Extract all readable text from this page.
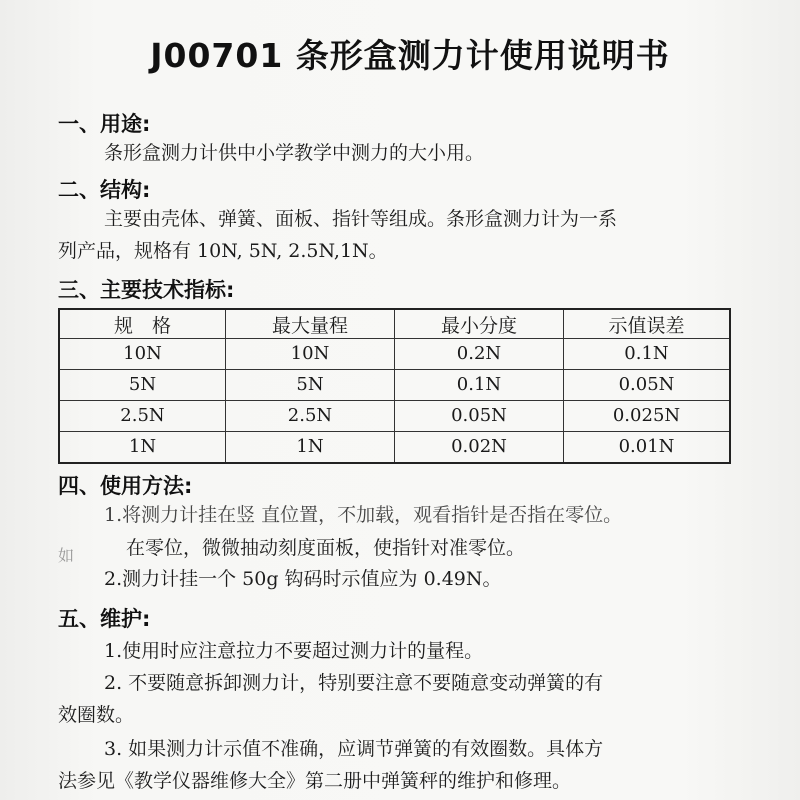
J00701 条形盒测力计使用说明书
一、用途:
条形盒测力计供中小学教学中测力的大小用。
二、结构:
主要由壳体、弹簧、面板、指针等组成。条形盒测力计为一系
列产品，规格有 10N, 5N, 2.5N,1N。
三、主要技术指标:
规　格	最大量程	最小分度	示值误差
10N	10N	0.2N	0.1N
5N	5N	0.1N	0.05N
2.5N	2.5N	0.05N	0.025N
1N	1N	0.02N	0.01N
四、使用方法:
1.将测力计挂在竖 直位置，不加载，观看指针是否指在零位。
如	在零位，微微抽动刻度面板，使指针对准零位。
2.测力计挂一个 50g 钩码时示值应为 0.49N。
五、维护:
1.使用时应注意拉力不要超过测力计的量程。
2. 不要随意拆卸测力计，特别要注意不要随意变动弹簧的有
效圈数。
3. 如果测力计示值不准确，应调节弹簧的有效圈数。具体方
法参见《教学仪器维修大全》第二册中弹簧秤的维护和修理。
